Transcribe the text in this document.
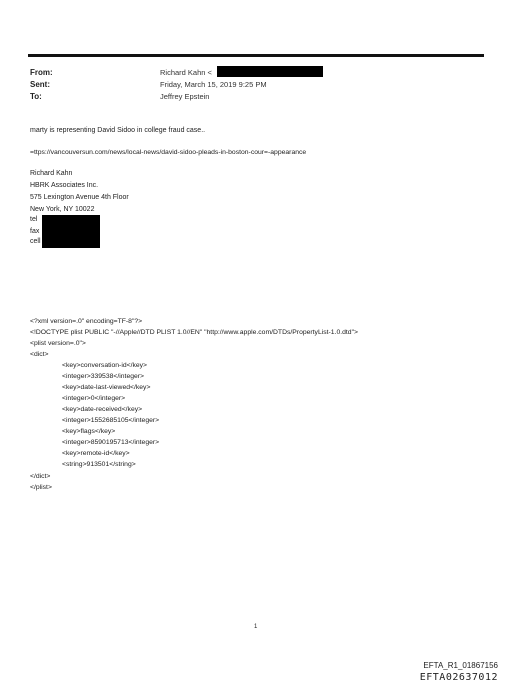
From:	Richard Kahn <
Sent:	Friday, March 15, 2019 9:25 PM
To:	Jeffrey Epstein
marty is representing David Sidoo in college fraud case..
=ttps://vancouversun.com/news/local-news/david-sidoo-pleads-in-boston-cour=-appearance
Richard Kahn
HBRK Associates Inc.
575 Lexington Avenue 4th Floor
New York, NY 10022
tel
fax
cell
<?xml version=.0" encoding=TF-8"?>
<!DOCTYPE plist PUBLIC "-//Apple//DTD PLIST 1.0//EN" "http://www.apple.com/DTDs/PropertyList-1.0.dtd">
<plist version=.0">
<dict>
<key>conversation-id</key>
<integer>339538</integer>
<key>date-last-viewed</key>
<integer>0</integer>
<key>date-received</key>
<integer>1552685105</integer>
<key>flags</key>
<integer>8590195713</integer>
<key>remote-id</key>
<string>913501</string>
</dict>
</plist>
1
EFTA_R1_01867156
EFTA02637012
